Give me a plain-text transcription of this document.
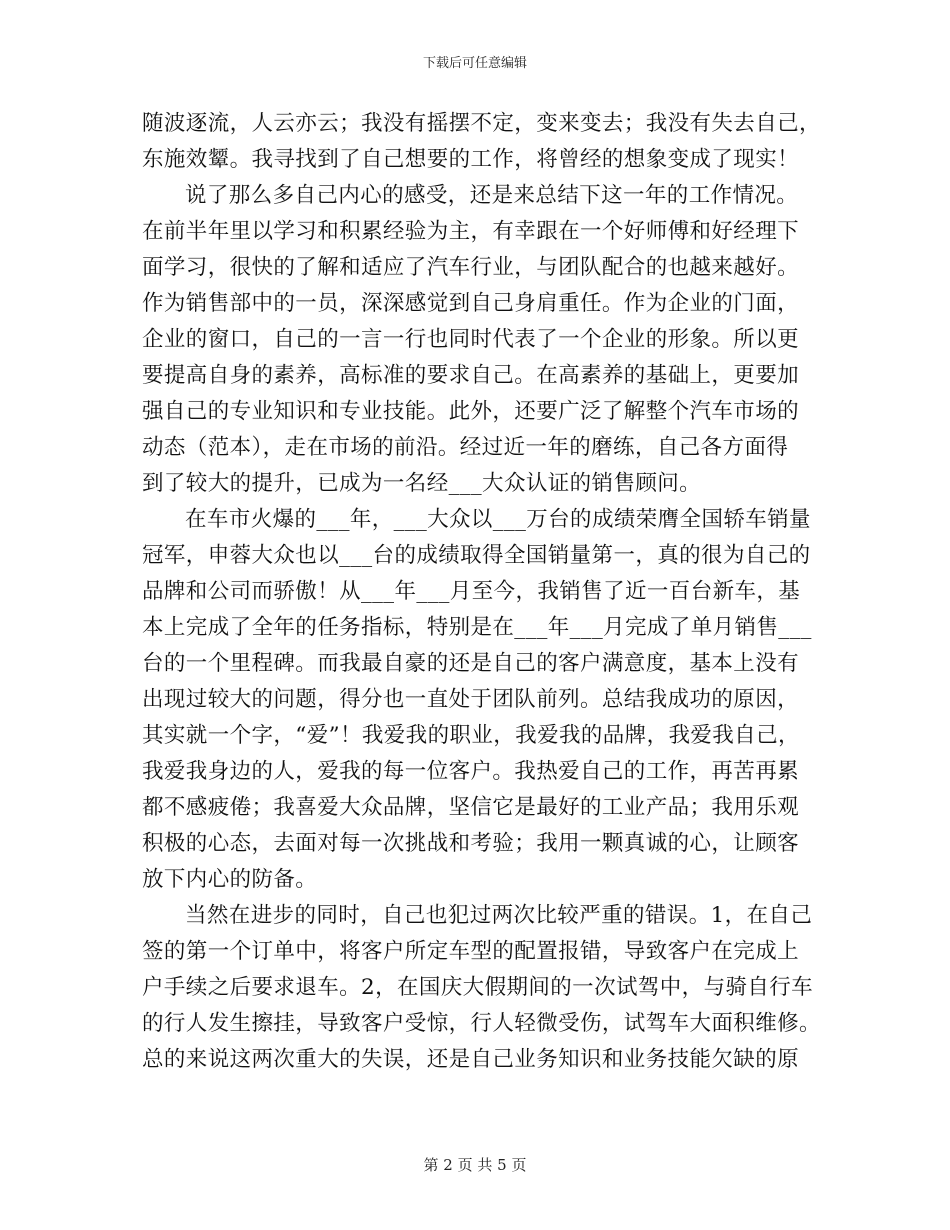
下载后可任意编辑
随波逐流，人云亦云；我没有摇摆不定，变来变去；我没有失去自己，
东施效颦。我寻找到了自己想要的工作，将曾经的想象变成了现实！
说了那么多自己内心的感受，还是来总结下这一年的工作情况。
在前半年里以学习和积累经验为主，有幸跟在一个好师傅和好经理下
面学习，很快的了解和适应了汽车行业，与团队配合的也越来越好。
作为销售部中的一员，深深感觉到自己身肩重任。作为企业的门面，
企业的窗口，自己的一言一行也同时代表了一个企业的形象。所以更
要提高自身的素养，高标准的要求自己。在高素养的基础上，更要加
强自己的专业知识和专业技能。此外，还要广泛了解整个汽车市场的
动态（范本），走在市场的前沿。经过近一年的磨练，自己各方面得
到了较大的提升，已成为一名经___大众认证的销售顾问。
在车市火爆的___年，___大众以___万台的成绩荣膺全国轿车销量
冠军，申蓉大众也以___台的成绩取得全国销量第一，真的很为自己的
品牌和公司而骄傲！从___年___月至今，我销售了近一百台新车，基
本上完成了全年的任务指标，特别是在___年___月完成了单月销售___
台的一个里程碑。而我最自豪的还是自己的客户满意度，基本上没有
出现过较大的问题，得分也一直处于团队前列。总结我成功的原因，
其实就一个字，“爱”！我爱我的职业，我爱我的品牌，我爱我自己，
我爱我身边的人，爱我的每一位客户。我热爱自己的工作，再苦再累
都不感疲倦；我喜爱大众品牌，坚信它是最好的工业产品；我用乐观
积极的心态，去面对每一次挑战和考验；我用一颗真诚的心，让顾客
放下内心的防备。
当然在进步的同时，自己也犯过两次比较严重的错误。1，在自己
签的第一个订单中，将客户所定车型的配置报错，导致客户在完成上
户手续之后要求退车。2，在国庆大假期间的一次试驾中，与骑自行车
的行人发生擦挂，导致客户受惊，行人轻微受伤，试驾车大面积维修。
总的来说这两次重大的失误，还是自己业务知识和业务技能欠缺的原
第 2 页 共 5 页
